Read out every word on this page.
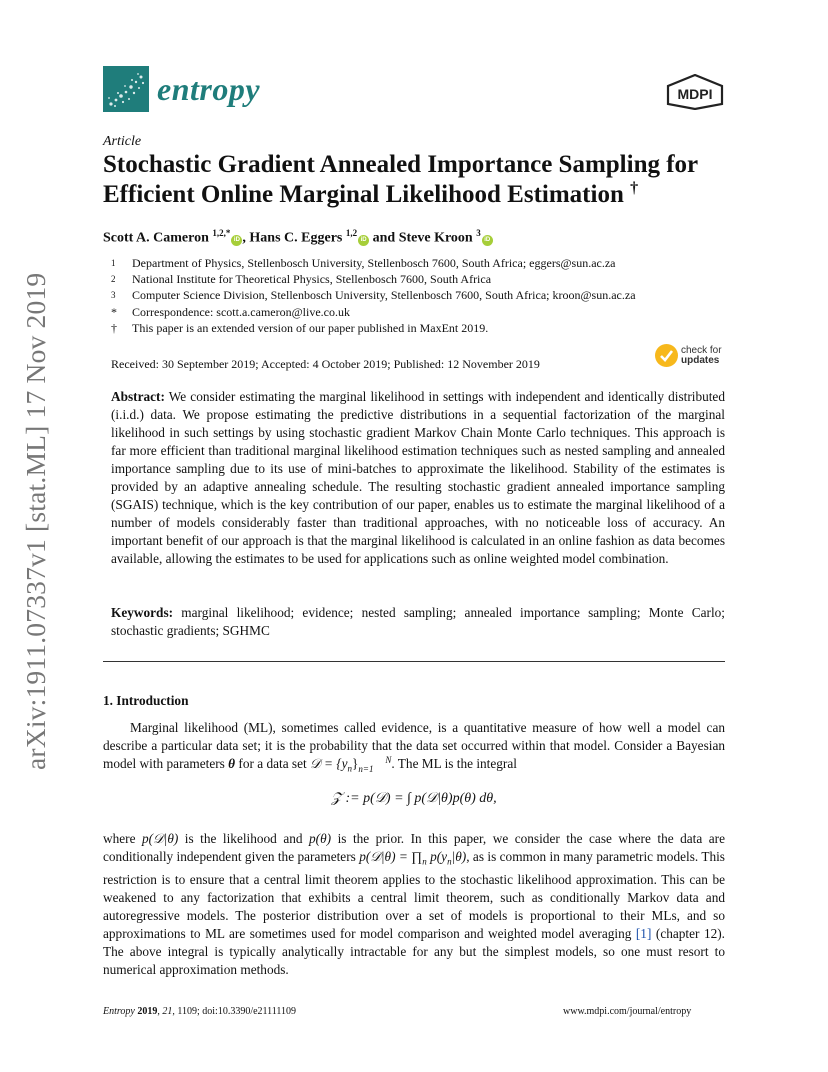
entropy	MDPI
Article
Stochastic Gradient Annealed Importance Sampling for
Efficient Online Marginal Likelihood Estimation †
Scott A. Cameron $^{1,2,*}$iD , Hans C. Eggers $^{1,2}$iD and Steve Kroon $^3$iD
1 Department of Physics, Stellenbosch University, Stellenbosch 7600, South Africa; eggers@sun.ac.za
2 National Institute for Theoretical Physics, Stellenbosch 7600, South Africa
3 Computer Science Division, Stellenbosch University, Stellenbosch 7600, South Africa; kroon@sun.ac.za
* Correspondence: scott.a.cameron@live.co.uk
† This paper is an extended version of our paper published in MaxEnt 2019.
Received: 30 September 2019; Accepted: 4 October 2019; Published: 12 November 2019
check for
updates
Abstract: We consider estimating the marginal likelihood in settings with independent and identically distributed (i.i.d.) data. We propose estimating the predictive distributions in a sequential factorization of the marginal likelihood in such settings by using stochastic gradient Markov Chain Monte Carlo techniques. This approach is far more efficient than traditional marginal likelihood estimation techniques such as nested sampling and annealed importance sampling due to its use of mini-batches to approximate the likelihood. Stability of the estimates is provided by an adaptive annealing schedule. The resulting stochastic gradient annealed importance sampling (SGAIS) technique, which is the key contribution of our paper, enables us to estimate the marginal likelihood of a number of models considerably faster than traditional approaches, with no noticeable loss of accuracy. An important benefit of our approach is that the marginal likelihood is calculated in an online fashion as data becomes available, allowing the estimates to be used for applications such as online weighted model combination.
Keywords: marginal likelihood; evidence; nested sampling; annealed importance sampling; Monte Carlo; stochastic gradients; SGHMC
1. Introduction
Marginal likelihood (ML), sometimes called evidence, is a quantitative measure of how well a model can describe a particular data set; it is the probability that the data set occurred within that model. Consider a Bayesian model with parameters θ for a data set 𝒟 = $\{y_n\}$	N
n=1 . The ML is the integral
𝒵 := p(𝒟) = ∫ p(𝒟|θ)p(θ) dθ,
where p(𝒟|θ) is the likelihood and p(θ) is the prior. In this paper, we consider the case where the data are conditionally independent given the parameters p(𝒟|θ) = $\prod_n$ $p(y_n|\theta)$, as is common in many parametric models. This restriction is to ensure that a central limit theorem applies to the stochastic likelihood approximation. This can be weakened to any factorization that exhibits a central limit theorem, such as conditionally Markov data and autoregressive models. The posterior distribution over a set of models is proportional to their MLs, and so approximations to ML are sometimes used for model comparison and weighted model averaging [1] (chapter 12). The above integral is typically analytically intractable for any but the simplest models, so one must resort to numerical approximation methods.
arXiv:1911.07337v1 [stat.ML] 17 Nov 2019
Entropy 2019, 21, 1109; doi:10.3390/e21111109	www.mdpi.com/journal/entropy
